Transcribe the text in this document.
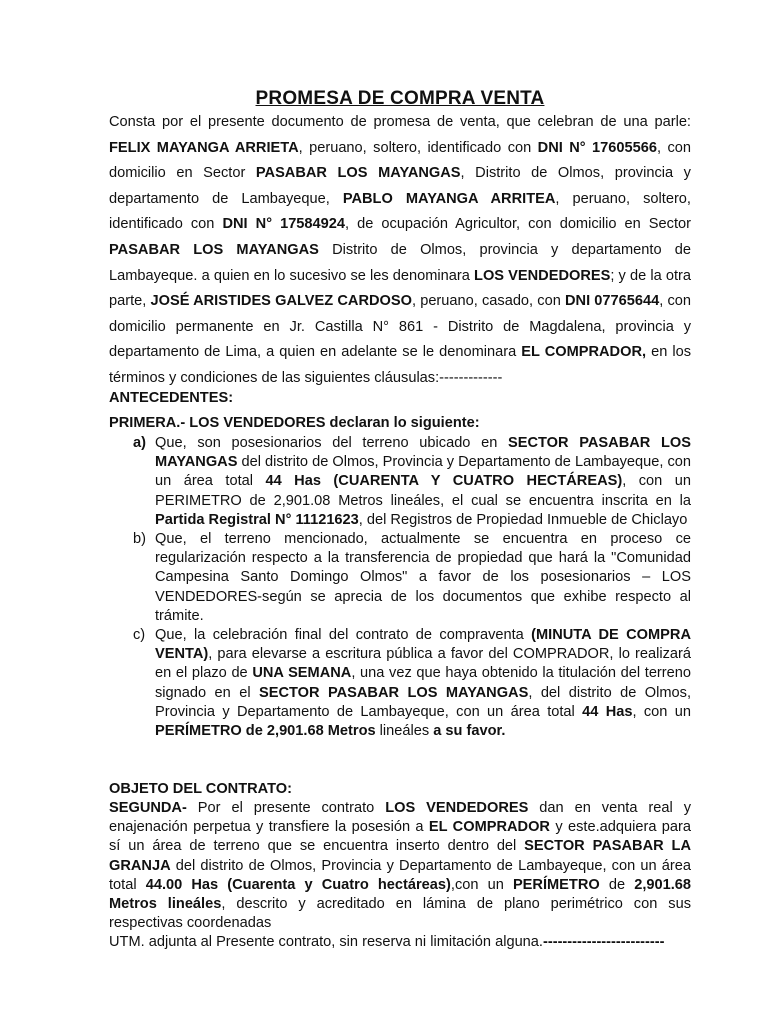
PROMESA DE COMPRA VENTA
Consta por el presente documento de promesa de venta, que celebran de una parle: FELIX MAYANGA ARRIETA, peruano, soltero, identificado con DNI N° 17605566, con domicilio en Sector PASABAR LOS MAYANGAS, Distrito de Olmos, provincia y departamento de Lambayeque, PABLO MAYANGA ARRITEA, peruano, soltero, identificado con DNI N° 17584924, de ocupación Agricultor, con domicilio en Sector PASABAR LOS MAYANGAS Distrito de Olmos, provincia y departamento de Lambayeque. a quien en lo sucesivo se les denominara LOS VENDEDORES; y de la otra parte, JOSÉ ARISTIDES GALVEZ CARDOSO, peruano, casado, con DNI 07765644, con domicilio permanente en Jr. Castilla N° 861 - Distrito de Magdalena, provincia y departamento de Lima, a quien en adelante se le denominara EL COMPRADOR, en los términos y condiciones de las siguientes cláusulas:-------------
ANTECEDENTES:
PRIMERA.- LOS VENDEDORES declaran lo siguiente:
a) Que, son posesionarios del terreno ubicado en SECTOR PASABAR LOS MAYANGAS del distrito de Olmos, Provincia y Departamento de Lambayeque, con un área total 44 Has (CUARENTA Y CUATRO HECTÁREAS), con un PERIMETRO de 2,901.08 Metros lineáles, el cual se encuentra inscrita en la Partida Registral N° 11121623, del Registros de Propiedad Inmueble de Chiclayo
b) Que, el terreno mencionado, actualmente se encuentra en proceso ce regularización respecto a la transferencia de propiedad que hará la "Comunidad Campesina Santo Domingo Olmos" a favor de los posesionarios – LOS VENDEDORES-según se aprecia de los documentos que exhibe respecto al trámite.
c) Que, la celebración final del contrato de compraventa (MINUTA DE COMPRA VENTA), para elevarse a escritura pública a favor del COMPRADOR, lo realizará en el plazo de UNA SEMANA, una vez que haya obtenido la titulación del terreno signado en el SECTOR PASABAR LOS MAYANGAS, del distrito de Olmos, Provincia y Departamento de Lambayeque, con un área total 44 Has, con un PERÍMETRO de 2,901.68 Metros lineáles a su favor.
OBJETO DEL CONTRATO:
SEGUNDA- Por el presente contrato LOS VENDEDORES dan en venta real y enajenación perpetua y transfiere la posesión a EL COMPRADOR y este.adquiera para sí un área de terreno que se encuentra inserto dentro del SECTOR PASABAR LA GRANJA del distrito de Olmos, Provincia y Departamento de Lambayeque, con un área total 44.00 Has (Cuarenta y Cuatro hectáreas),con un PERÍMETRO de 2,901.68 Metros lineáles, descrito y acreditado en lámina de plano perimétrico con sus respectivas coordenadas
UTM. adjunta al Presente contrato, sin reserva ni limitación alguna.-------------------------
